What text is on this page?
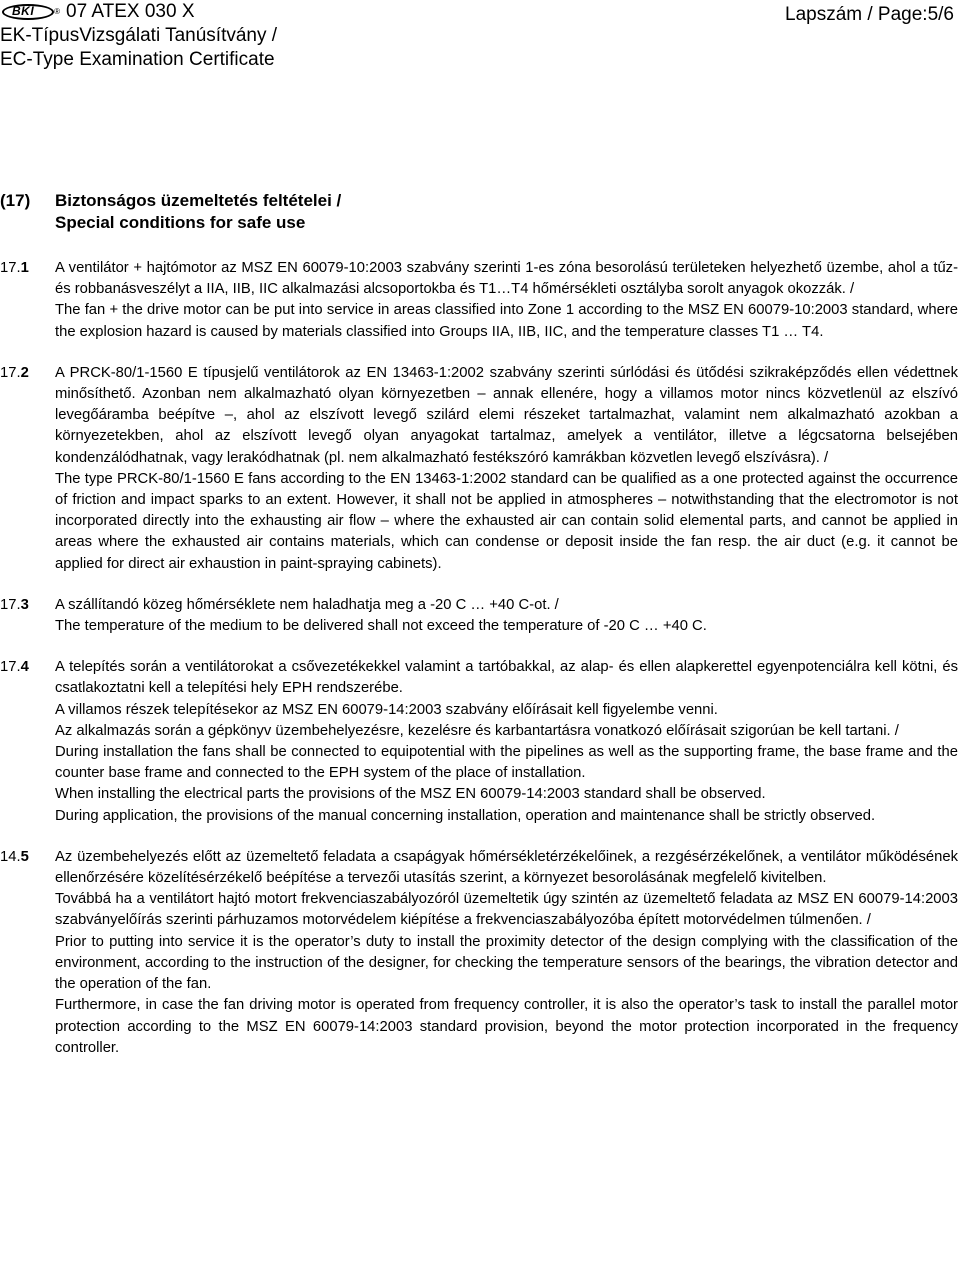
BKI ® 07 ATEX 030 X
EK-TípusVizsgálati Tanúsítvány /
EC-Type Examination Certificate
Lapszám / Page:5/6
(17) Biztonságos üzemeltetés feltételei /
Special conditions for safe use
17.1	A ventilátor + hajtómotor az MSZ EN 60079-10:2003 szabvány szerinti 1-es zóna besorolású területeken helyezhető üzembe, ahol a tűz- és robbanásveszélyt a IIA, IIB, IIC alkalmazási alcsoportokba és T1…T4 hőmérsékleti osztályba sorolt anyagok okozzák. /

The fan + the drive motor can be put into service in areas classified into Zone 1 according to the MSZ EN 60079-10:2003 standard, where the explosion hazard is caused by materials classified into Groups IIA, IIB, IIC, and the temperature classes T1 … T4.

17.2	A PRCK-80/1-1560 E típusjelű ventilátorok az EN 13463-1:2002 szabvány szerinti súrlódási és ütődési szikraképződés ellen védettnek minősíthető. Azonban nem alkalmazható olyan környezetben – annak ellenére, hogy a villamos motor nincs közvetlenül az elszívó levegőáramba beépítve –, ahol az elszívott levegő szilárd elemi részeket tartalmazhat, valamint nem alkalmazható azokban a környezetekben, ahol az elszívott levegő olyan anyagokat tartalmaz, amelyek a ventilátor, illetve a légcsatorna belsejében kondenzálódhatnak, vagy lerakódhatnak (pl. nem alkalmazható festékszóró kamrákban közvetlen levegő elszívásra). /

The type PRCK-80/1-1560 E fans according to the EN 13463-1:2002 standard can be qualified as a one protected against the occurrence of friction and impact sparks to an extent. However, it shall not be applied in atmospheres – notwithstanding that the electromotor is not incorporated directly into the exhausting air flow – where the exhausted air can contain solid elemental parts, and cannot be applied in areas where the exhausted air contains materials, which can condense or deposit inside the fan resp. the air duct (e.g. it cannot be applied for direct air exhaustion in paint-spraying cabinets).

17.3	A szállítandó közeg hőmérséklete nem haladhatja meg a -20 C … +40 C-ot. /

The temperature of the medium to be delivered shall not exceed the temperature of -20 C … +40 C.

17.4	A telepítés során a ventilátorokat a csővezetékekkel valamint a tartóbakkal, az alap- és ellen alapkerettel egyenpotenciálra kell kötni, és csatlakoztatni kell a telepítési hely EPH rendszerébe.

A villamos részek telepítésekor az MSZ EN 60079-14:2003 szabvány előírásait kell figyelembe venni.

Az alkalmazás során a gépkönyv üzembehelyezésre, kezelésre és karbantartásra vonatkozó előírásait szigorúan be kell tartani. /

During installation the fans shall be connected to equipotential with the pipelines as well as the supporting frame, the base frame and the counter base frame and connected to the EPH system of the place of installation.

When installing the electrical parts the provisions of the MSZ EN 60079-14:2003 standard shall be observed.

During application, the provisions of the manual concerning installation, operation and maintenance shall be strictly observed.

14.5	Az üzembehelyezés előtt az üzemeltető feladata a csapágyak hőmérsékletérzékelőinek, a rezgésérzékelőnek, a ventilátor működésének ellenőrzésére közelítésérzékelő beépítése a tervezői utasítás szerint, a környezet besorolásának megfelelő kivitelben.

Továbbá ha a ventilátort hajtó motort frekvenciaszabályozóról üzemeltetik úgy szintén az üzemeltető feladata az MSZ EN 60079-14:2003 szabványelőírás szerinti párhuzamos motorvédelem kiépítése a frekvenciaszabályozóba épített motorvédelmen túlmenően. /

Prior to putting into service it is the operator’s duty to install the proximity detector of the design complying with the classification of the environment, according to the instruction of the designer, for checking the temperature sensors of the bearings, the vibration detector and the operation of the fan.

Furthermore, in case the fan driving motor is operated from frequency controller, it is also the operator’s task to install the parallel motor protection according to the MSZ EN 60079-14:2003 standard provision, beyond the motor protection incorporated in the frequency controller.
